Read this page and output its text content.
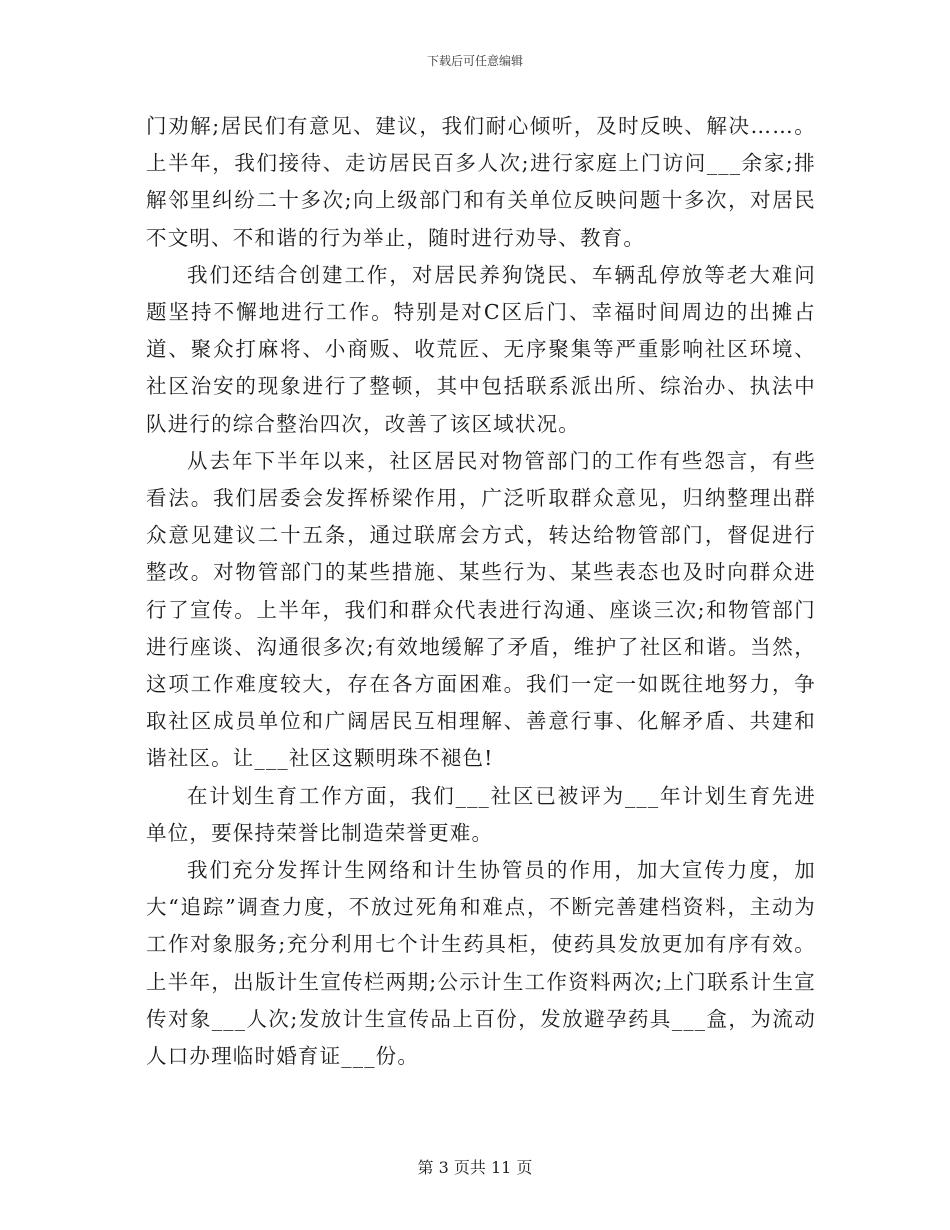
下载后可任意编辑

门劝解;居民们有意见、建议，我们耐心倾听，及时反映、解决……。上半年，我们接待、走访居民百多人次;进行家庭上门访问___余家;排解邻里纠纷二十多次;向上级部门和有关单位反映问题十多次，对居民不文明、不和谐的行为举止，随时进行劝导、教育。

我们还结合创建工作，对居民养狗饶民、车辆乱停放等老大难问题坚持不懈地进行工作。特别是对C区后门、幸福时间周边的出摊占道、聚众打麻将、小商贩、收荒匠、无序聚集等严重影响社区环境、社区治安的现象进行了整顿，其中包括联系派出所、综治办、执法中队进行的综合整治四次，改善了该区域状况。

从去年下半年以来，社区居民对物管部门的工作有些怨言，有些看法。我们居委会发挥桥梁作用，广泛听取群众意见，归纳整理出群众意见建议二十五条，通过联席会方式，转达给物管部门，督促进行整改。对物管部门的某些措施、某些行为、某些表态也及时向群众进行了宣传。上半年，我们和群众代表进行沟通、座谈三次;和物管部门进行座谈、沟通很多次;有效地缓解了矛盾，维护了社区和谐。当然，这项工作难度较大，存在各方面困难。我们一定一如既往地努力，争取社区成员单位和广阔居民互相理解、善意行事、化解矛盾、共建和谐社区。让___社区这颗明珠不褪色!

在计划生育工作方面，我们___社区已被评为___年计划生育先进单位，要保持荣誉比制造荣誉更难。

我们充分发挥计生网络和计生协管员的作用，加大宣传力度，加大“追踪”调查力度，不放过死角和难点，不断完善建档资料，主动为工作对象服务;充分利用七个计生药具柜，使药具发放更加有序有效。上半年，出版计生宣传栏两期;公示计生工作资料两次;上门联系计生宣传对象___人次;发放计生宣传品上百份，发放避孕药具___盒，为流动人口办理临时婚育证___份。

第 3 页共 11 页
